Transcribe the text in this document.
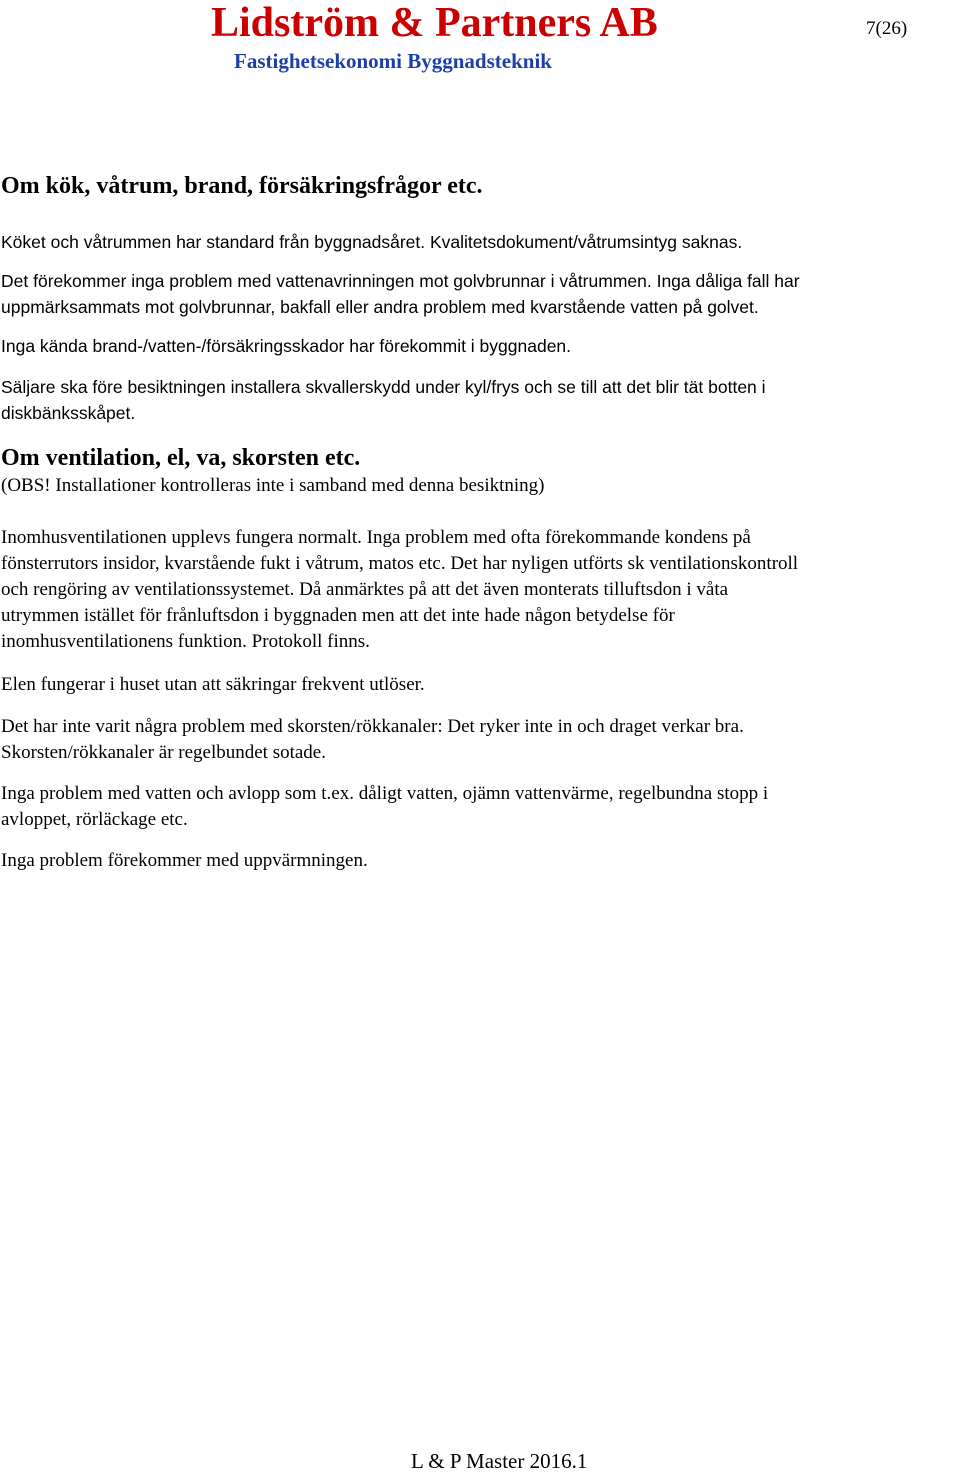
Lidström & Partners AB
Fastighetsekonomi Byggnadsteknik
7(26)
Om kök, våtrum, brand, försäkringsfrågor etc.
Köket och våtrummen har standard från byggnadsåret. Kvalitetsdokument/våtrumsintyg saknas.
Det förekommer inga problem med vattenavrinningen mot golvbrunnar i våtrummen. Inga dåliga fall har
uppmärksammats mot golvbrunnar, bakfall eller andra problem med kvarstående vatten på golvet.
Inga kända brand-/vatten-/försäkringsskador har förekommit i byggnaden.
Säljare ska före besiktningen installera skvallerskydd under kyl/frys och se till att det blir tät botten i
diskbänksskåpet.
Om ventilation, el, va, skorsten etc.
(OBS! Installationer kontrolleras inte i samband med denna besiktning)
Inomhusventilationen upplevs fungera normalt. Inga problem med ofta förekommande kondens på
fönsterrutors insidor, kvarstående fukt i våtrum, matos etc. Det har nyligen utförts sk ventilationskontroll
och rengöring av ventilationssystemet. Då anmärktes på att det även monterats tilluftsdon i våta
utrymmen istället för frånluftsdon i byggnaden men att det inte hade någon betydelse för
inomhusventilationens funktion. Protokoll finns.
Elen fungerar i huset utan att säkringar frekvent utlöser.
Det har inte varit några problem med skorsten/rökkanaler: Det ryker inte in och draget verkar bra.
Skorsten/rökkanaler är regelbundet sotade.
Inga problem med vatten och avlopp som t.ex. dåligt vatten, ojämn vattenvärme, regelbundna stopp i
avloppet, rörläckage etc.
Inga problem förekommer med uppvärmningen.
L & P Master 2016.1
